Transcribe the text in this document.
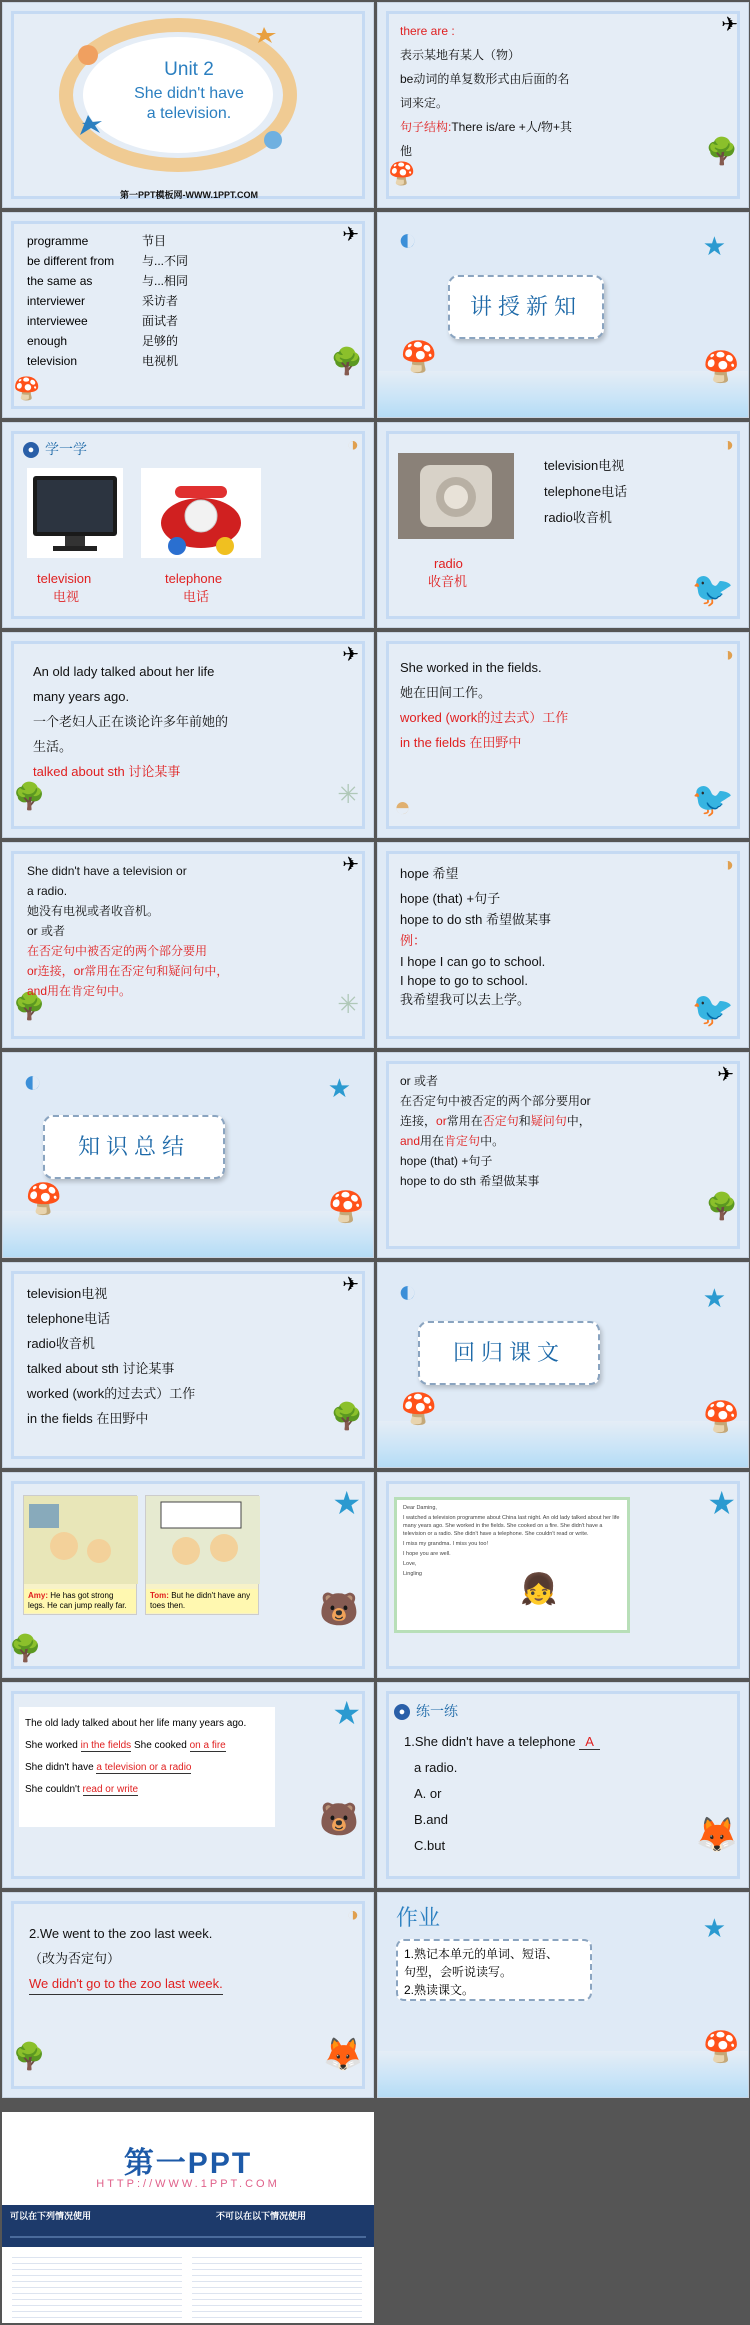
Unit 2
She didn't have
a television.
第一PPT模板网-WWW.1PPT.COM
✈
🌳
🍄
there are :
表示某地有某人（物）
be动词的单复数形式由后面的名
词来定。
句子结构:There is/are +人/物+其
他
✈
🌳
🍄
programme	节目
be different from	与...不同
the same as	与...相同
interviewer	采访者
interviewee	面试者
enough	足够的
television	电视机
◐	★
🍄	🍄
讲授新知
◑
● 学一学
television
电视
telephone
电话
◑
🐦
television电视
telephone电话
radio收音机
radio
收音机
✈
🌳	✳
An old lady talked about her life
many years ago.
一个老妇人正在谈论许多年前她的
生活。
talked about sth 讨论某事
◑
◓	🐦
She worked in the fields.
她在田间工作。
worked (work的过去式）工作
in the fields 在田野中
✈
🌳	✳
She didn't have a television or
a radio.
她没有电视或者收音机。
or 或者
在否定句中被否定的两个部分要用
or连接，or常用在否定句和疑问句中，
and用在肯定句中。
◑
🐦
hope 希望
hope (that) +句子
hope to do sth 希望做某事
例：
I hope I can go to school.
I hope to go to school.
我希望我可以去上学。
◐	★
🍄	🍄
知识总结
✈
🌳
or 或者
在否定句中被否定的两个部分要用or
连接，or常用在否定句和疑问句中，
and用在肯定句中。
hope (that) +句子
hope to do sth 希望做某事
✈
🌳
television电视
telephone电话
radio收音机
talked about sth 讨论某事
worked (work的过去式）工作
in the fields 在田野中
◐	★
🍄	🍄
回归课文
★
🐻
🌳
Amy: He has got strong legs. He can jump really far.
Tom: But he didn't have any toes then.
★
Dear Daming,
I watched a television programme about China last night. An old lady talked about her life many years ago. She worked in the fields. She cooked on a fire. She didn't have a television or a radio. She didn't have a telephone. She couldn't read or write.
I miss my grandma. I miss you too!
I hope you are well.
Love,
Lingling	👧
★
🐻
The old lady talked about her life many years ago.
She worked in the fields She cooked on a fire
She didn't have a television or a radio
She couldn't read or write
🦊
● 练一练
1.She didn't have a telephone A
a radio.
A. or
B.and
C.but
◑
🌳	🦊
2.We went to the zoo last week.
（改为否定句）
We didn't go to the zoo last week.
★
🍄
作业
1.熟记本单元的单词、短语、
句型，会听说读写。
2.熟读课文。
第一PPT
HTTP://WWW.1PPT.COM
可以在下列情况使用	不可以在以下情况使用
